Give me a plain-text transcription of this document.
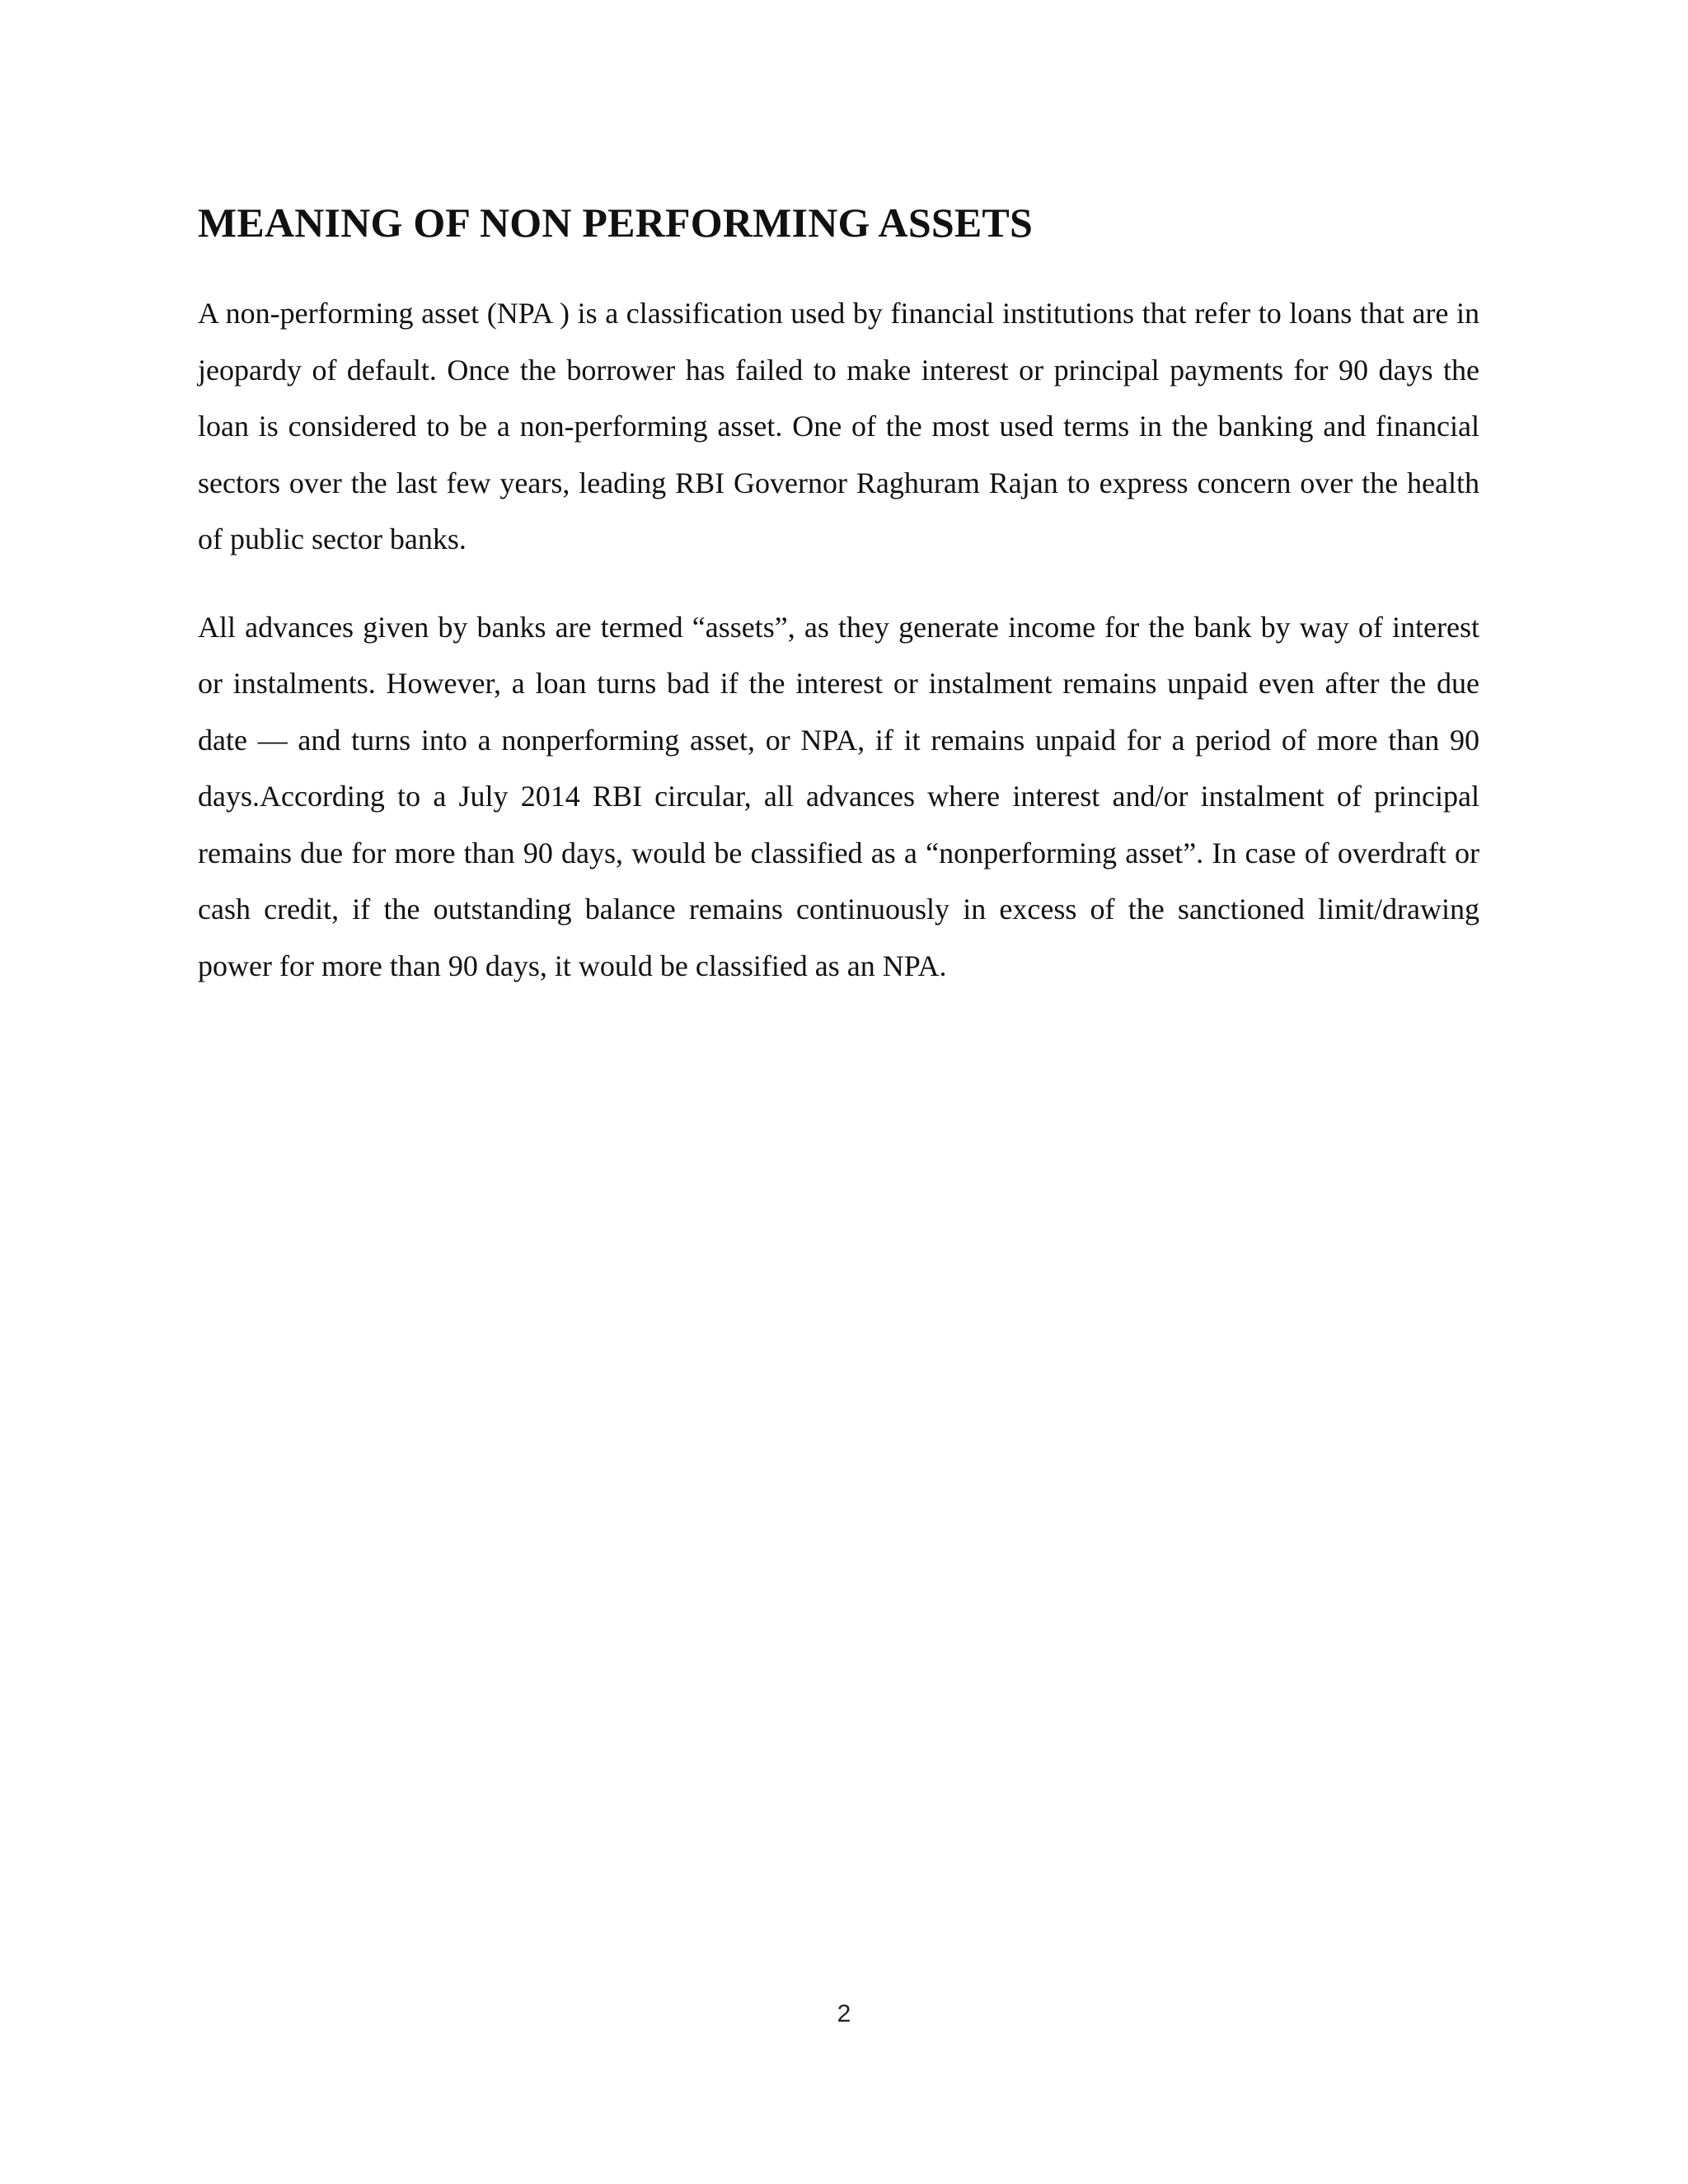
MEANING OF NON PERFORMING ASSETS

A non-performing asset (NPA ) is a classification used by financial institutions that refer to loans that are in jeopardy of default. Once the borrower has failed to make interest or principal payments for 90 days the loan is considered to be a non-performing asset. One of the most used terms in the banking and financial sectors over the last few years, leading RBI Governor Raghuram Rajan to express concern over the health of public sector banks.

All advances given by banks are termed “assets”, as they generate income for the bank by way of interest or instalments. However, a loan turns bad if the interest or instalment remains unpaid even after the due date — and turns into a nonperforming asset, or NPA, if it remains unpaid for a period of more than 90 days.According to a July 2014 RBI circular, all advances where interest and/or instalment of principal remains due for more than 90 days, would be classified as a “nonperforming asset”. In case of overdraft or cash credit, if the outstanding balance remains continuously in excess of the sanctioned limit/drawing power for more than 90 days, it would be classified as an NPA.

2
